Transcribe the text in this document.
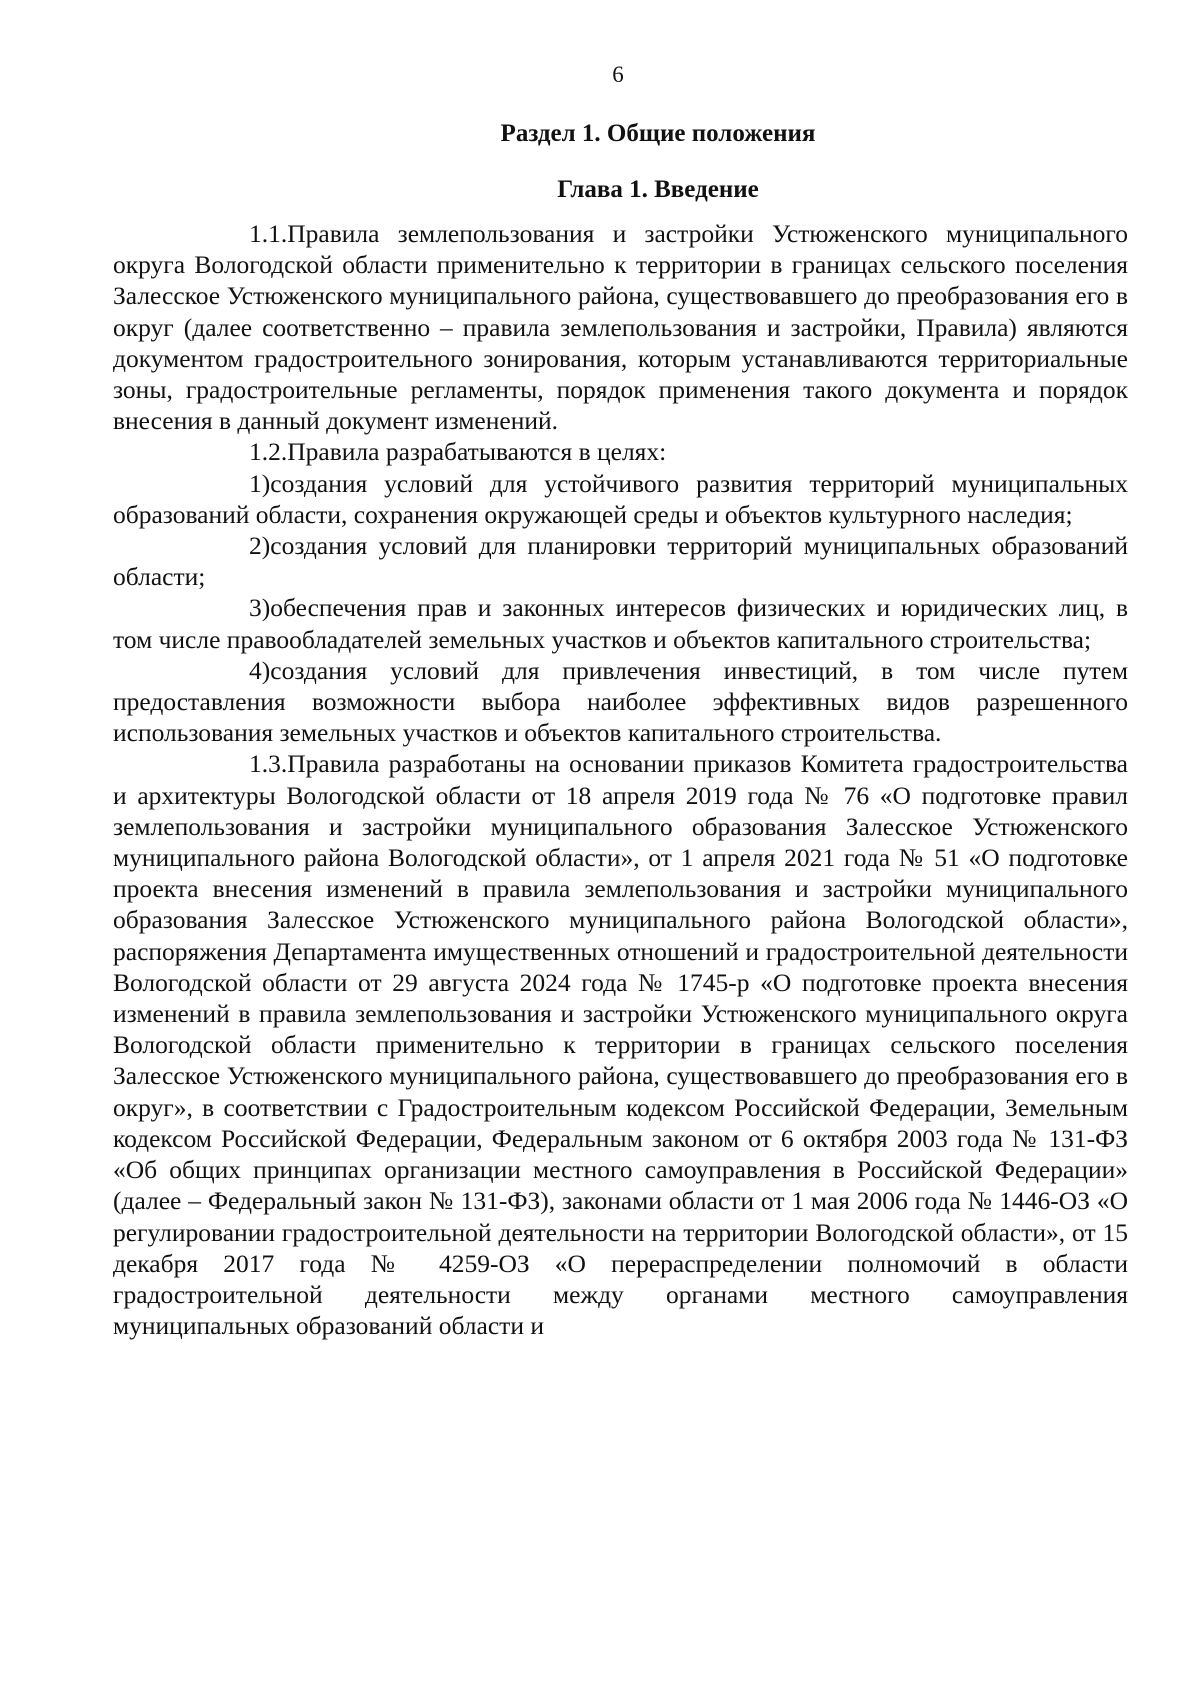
6
Раздел 1. Общие положения
Глава 1. Введение

1.1.Правила землепользования и застройки Устюженского муниципального округа Вологодской области применительно к территории в границах сельского поселения Залесское Устюженского муниципального района, существовавшего до преобразования его в округ (далее соответственно – правила землепользования и застройки, Правила) являются документом градостроительного зонирования, которым устанавливаются территориальные зоны, градостроительные регламенты, порядок применения такого документа и порядок внесения в данный документ изменений.

1.2.Правила разрабатываются в целях:

1)создания условий для устойчивого развития территорий муниципальных образований области, сохранения окружающей среды и объектов культурного наследия;

2)создания условий для планировки территорий муниципальных образований области;

3)обеспечения прав и законных интересов физических и юридических лиц, в том числе правообладателей земельных участков и объектов капитального строительства;

4)создания условий для привлечения инвестиций, в том числе путем предоставления возможности выбора наиболее эффективных видов разрешенного использования земельных участков и объектов капитального строительства.

1.3.Правила разработаны на основании приказов Комитета градостроительства и архитектуры Вологодской области от 18 апреля 2019 года № 76 «О подготовке правил землепользования и застройки муниципального образования Залесское Устюженского муниципального района Вологодской области», от 1 апреля 2021 года № 51 «О подготовке проекта внесения изменений в правила землепользования и застройки муниципального образования Залесское Устюженского муниципального района Вологодской области», распоряжения Департамента имущественных отношений и градостроительной деятельности Вологодской области от 29 августа 2024 года № 1745-р «О подготовке проекта внесения изменений в правила землепользования и застройки Устюженского муниципального округа Вологодской области применительно к территории в границах сельского поселения Залесское Устюженского муниципального района, существовавшего до преобразования его в округ», в соответствии с Градостроительным кодексом Российской Федерации, Земельным кодексом Российской Федерации, Федеральным законом от 6 октября 2003 года № 131-ФЗ «Об общих принципах организации местного самоуправления в Российской Федерации» (далее – Федеральный закон № 131-ФЗ), законами области от 1 мая 2006 года № 1446-ОЗ «О регулировании градостроительной деятельности на территории Вологодской области», от 15 декабря 2017 года № 4259-ОЗ «О перераспределении полномочий в области градостроительной деятельности между органами местного самоуправления муниципальных образований области и
